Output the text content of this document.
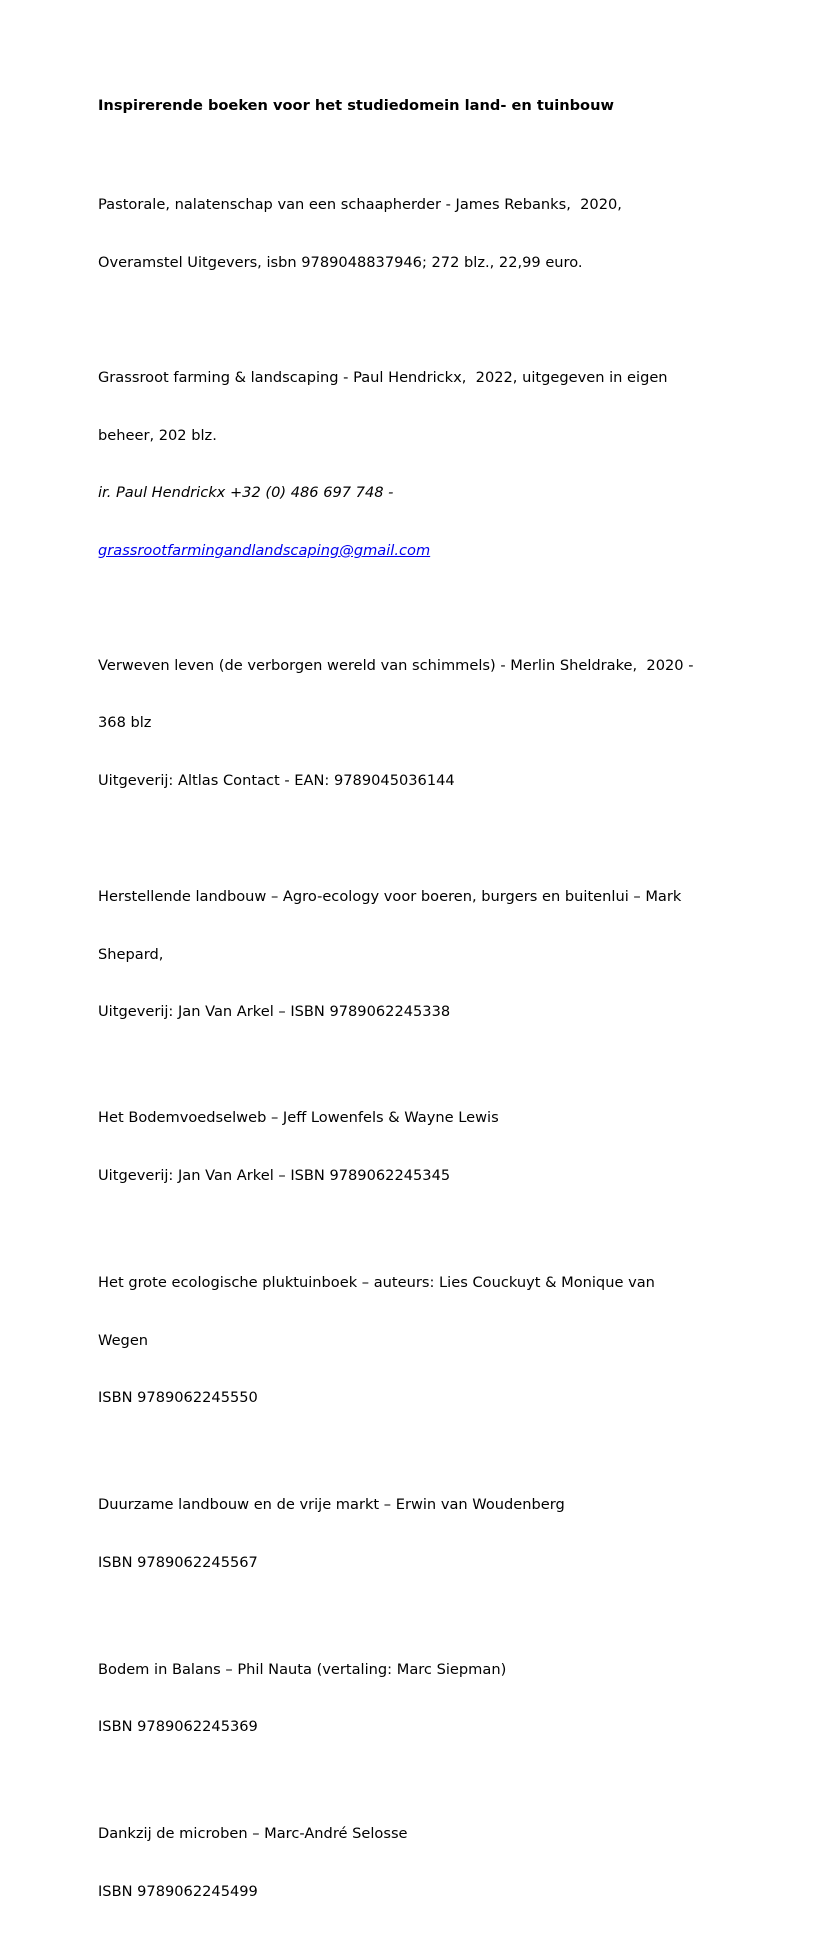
Inspirerende boeken voor het studiedomein land- en tuinbouw

Pastorale, nalatenschap van een schaapherder - James Rebanks,  2020,

Overamstel Uitgevers, isbn 9789048837946; 272 blz., 22,99 euro.

Grassroot farming & landscaping - Paul Hendrickx,  2022, uitgegeven in eigen

beheer, 202 blz.

ir. Paul Hendrickx +32 (0) 486 697 748 -

grassrootfarmingandlandscaping@gmail.com

Verweven leven (de verborgen wereld van schimmels) - Merlin Sheldrake,  2020 -

368 blz

Uitgeverij: Altlas Contact - EAN: 9789045036144

Herstellende landbouw – Agro-ecology voor boeren, burgers en buitenlui – Mark

Shepard,

Uitgeverij: Jan Van Arkel – ISBN 9789062245338

Het Bodemvoedselweb – Jeff Lowenfels & Wayne Lewis

Uitgeverij: Jan Van Arkel – ISBN 9789062245345

Het grote ecologische pluktuinboek – auteurs: Lies Couckuyt & Monique van

Wegen

ISBN 9789062245550

Duurzame landbouw en de vrije markt – Erwin van Woudenberg

ISBN 9789062245567

Bodem in Balans – Phil Nauta (vertaling: Marc Siepman)

ISBN 9789062245369

Dankzij de microben – Marc-André Selosse

ISBN 9789062245499
